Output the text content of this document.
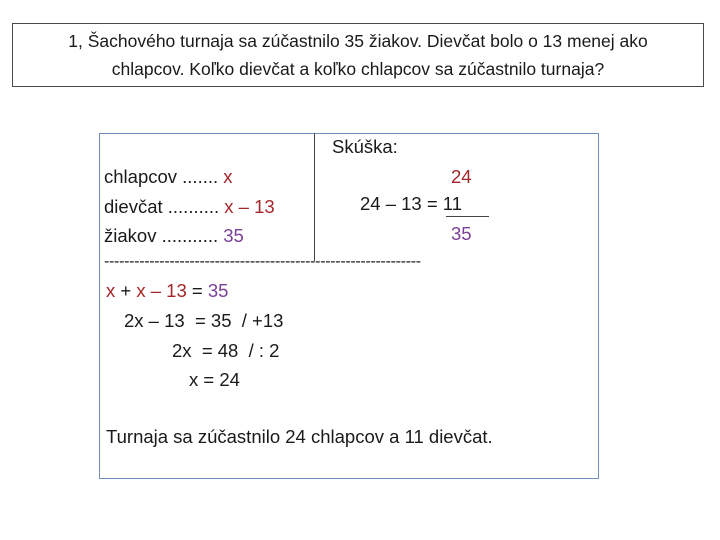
1, Šachového turnaja sa zúčastnilo 35 žiakov. Dievčat bolo o 13 menej ako
chlapcov. Koľko dievčat a koľko chlapcov sa zúčastnilo turnaja?
chlapcov ....... x
dievčat .......... x – 13
žiakov ........... 35
Skúška:
24
24 – 13 = 11
35
---------------------------------------------------------------
x + x – 13 = 35
2x – 13  = 35  / +13
2x  = 48  / : 2
x = 24
Turnaja sa zúčastnilo 24 chlapcov a 11 dievčat.
